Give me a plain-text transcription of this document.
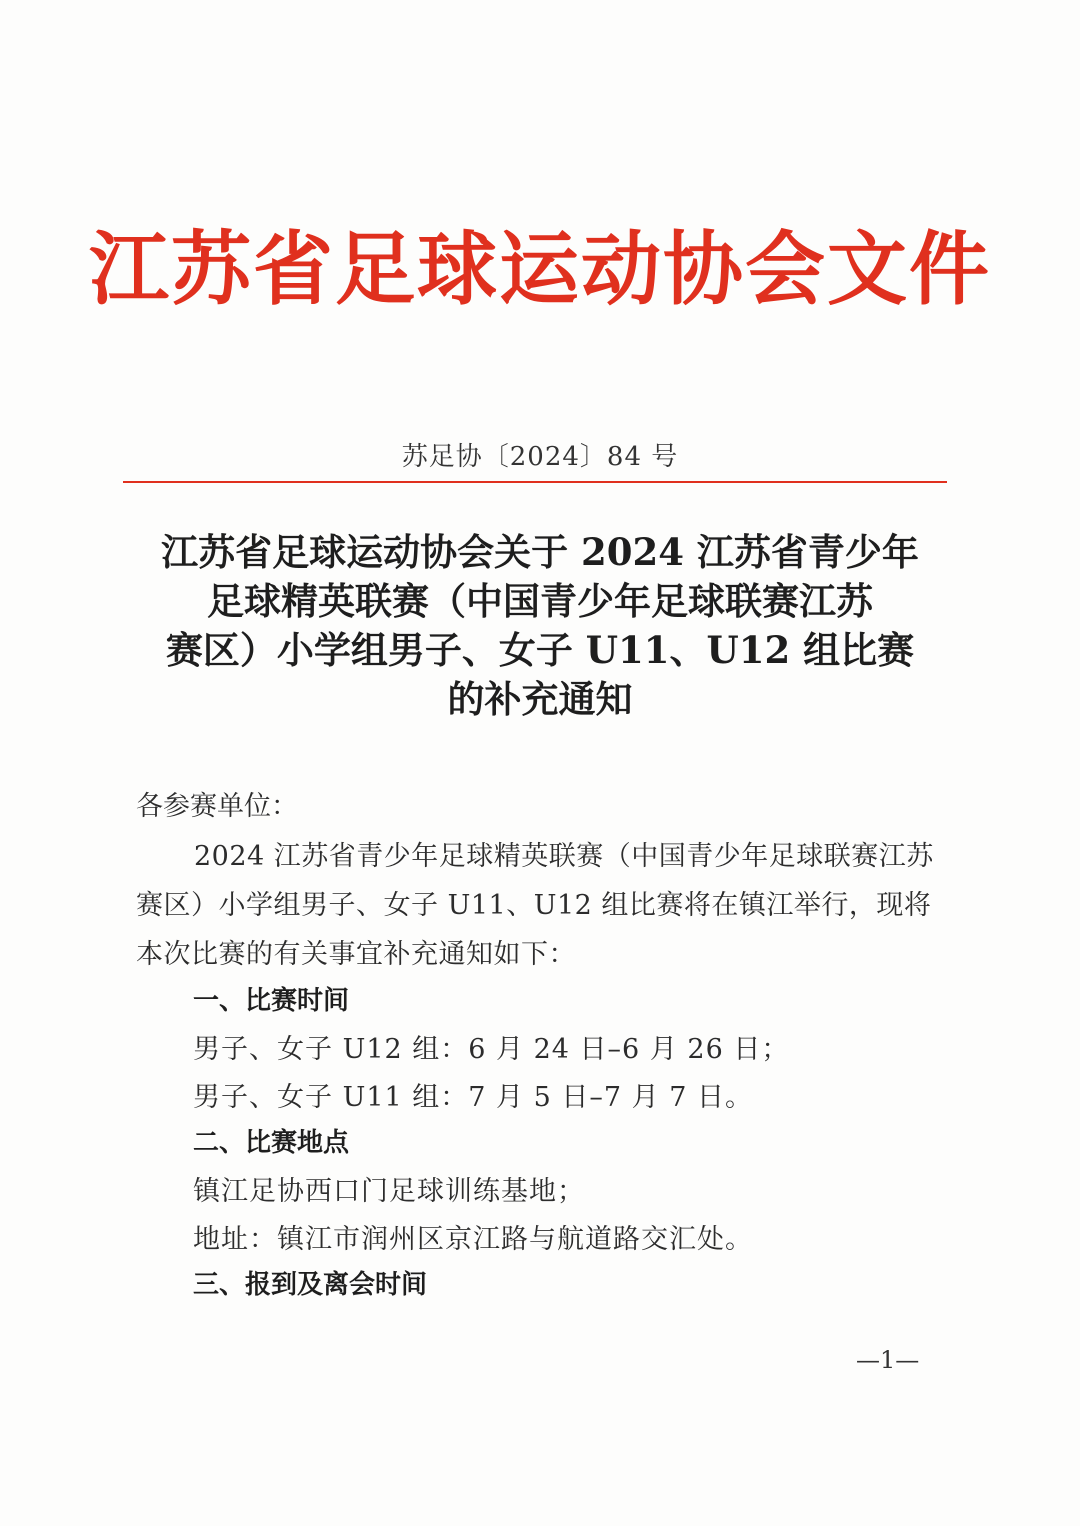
江苏省足球运动协会文件
苏足协〔2024〕84 号
江苏省足球运动协会关于 2024 江苏省青少年
足球精英联赛（中国青少年足球联赛江苏
赛区）小学组男子、女子 U11、U12 组比赛
的补充通知
各参赛单位：
2024 江苏省青少年足球精英联赛（中国青少年足球联赛江苏赛区）小学组男子、女子 U11、U12 组比赛将在镇江举行，现将本次比赛的有关事宜补充通知如下：
一、比赛时间
男子、女子 U12 组：6 月 24 日–6 月 26 日；
男子、女子 U11 组：7 月 5 日–7 月 7 日。
二、比赛地点
镇江足协西口门足球训练基地；
地址：镇江市润州区京江路与航道路交汇处。
三、报到及离会时间
—1—
